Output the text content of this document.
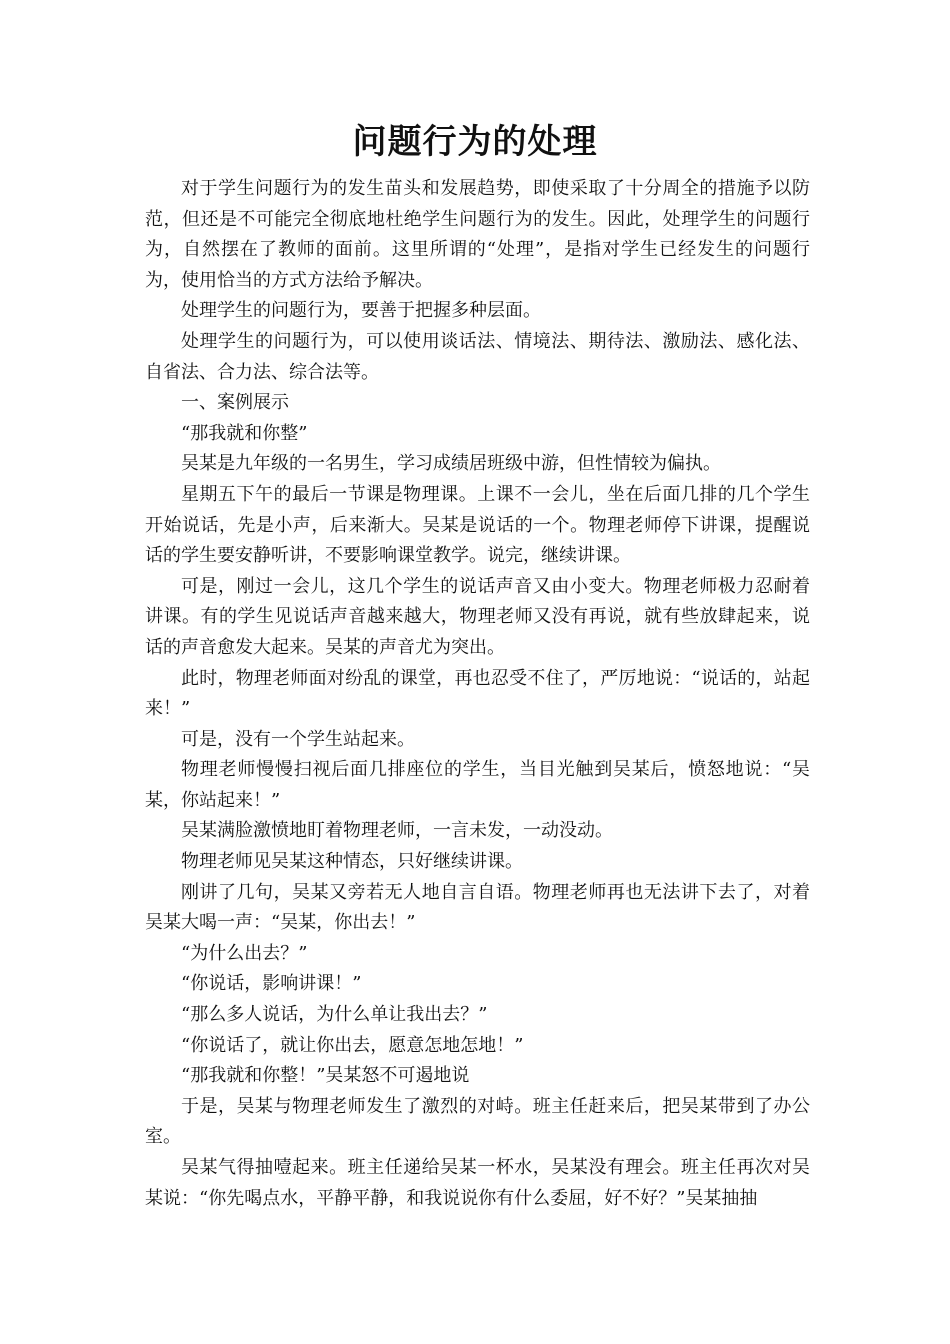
问题行为的处理

对于学生问题行为的发生苗头和发展趋势，即使采取了十分周全的措施予以防范，但还是不可能完全彻底地杜绝学生问题行为的发生。因此，处理学生的问题行为，自然摆在了教师的面前。这里所谓的“处理”，是指对学生已经发生的问题行为，使用恰当的方式方法给予解决。

处理学生的问题行为，要善于把握多种层面。

处理学生的问题行为，可以使用谈话法、情境法、期待法、激励法、感化法、自省法、合力法、综合法等。

一、案例展示

“那我就和你整”

吴某是九年级的一名男生，学习成绩居班级中游，但性情较为偏执。

星期五下午的最后一节课是物理课。上课不一会儿，坐在后面几排的几个学生开始说话，先是小声，后来渐大。吴某是说话的一个。物理老师停下讲课，提醒说话的学生要安静听讲，不要影响课堂教学。说完，继续讲课。

可是，刚过一会儿，这几个学生的说话声音又由小变大。物理老师极力忍耐着讲课。有的学生见说话声音越来越大，物理老师又没有再说，就有些放肆起来，说话的声音愈发大起来。吴某的声音尤为突出。

此时，物理老师面对纷乱的课堂，再也忍受不住了，严厉地说：“说话的，站起来！”

可是，没有一个学生站起来。

物理老师慢慢扫视后面几排座位的学生，当目光触到吴某后，愤怒地说：“吴某，你站起来！”

吴某满脸激愤地盯着物理老师，一言未发，一动没动。

物理老师见吴某这种情态，只好继续讲课。

刚讲了几句，吴某又旁若无人地自言自语。物理老师再也无法讲下去了，对着吴某大喝一声：“吴某，你出去！”

“为什么出去？”

“你说话，影响讲课！”

“那么多人说话，为什么单让我出去？”

“你说话了，就让你出去，愿意怎地怎地！”

“那我就和你整！”吴某怒不可遏地说

于是，吴某与物理老师发生了激烈的对峙。班主任赶来后，把吴某带到了办公室。

吴某气得抽噎起来。班主任递给吴某一杯水，吴某没有理会。班主任再次对吴某说：“你先喝点水，平静平静，和我说说你有什么委屈，好不好？”吴某抽抽
